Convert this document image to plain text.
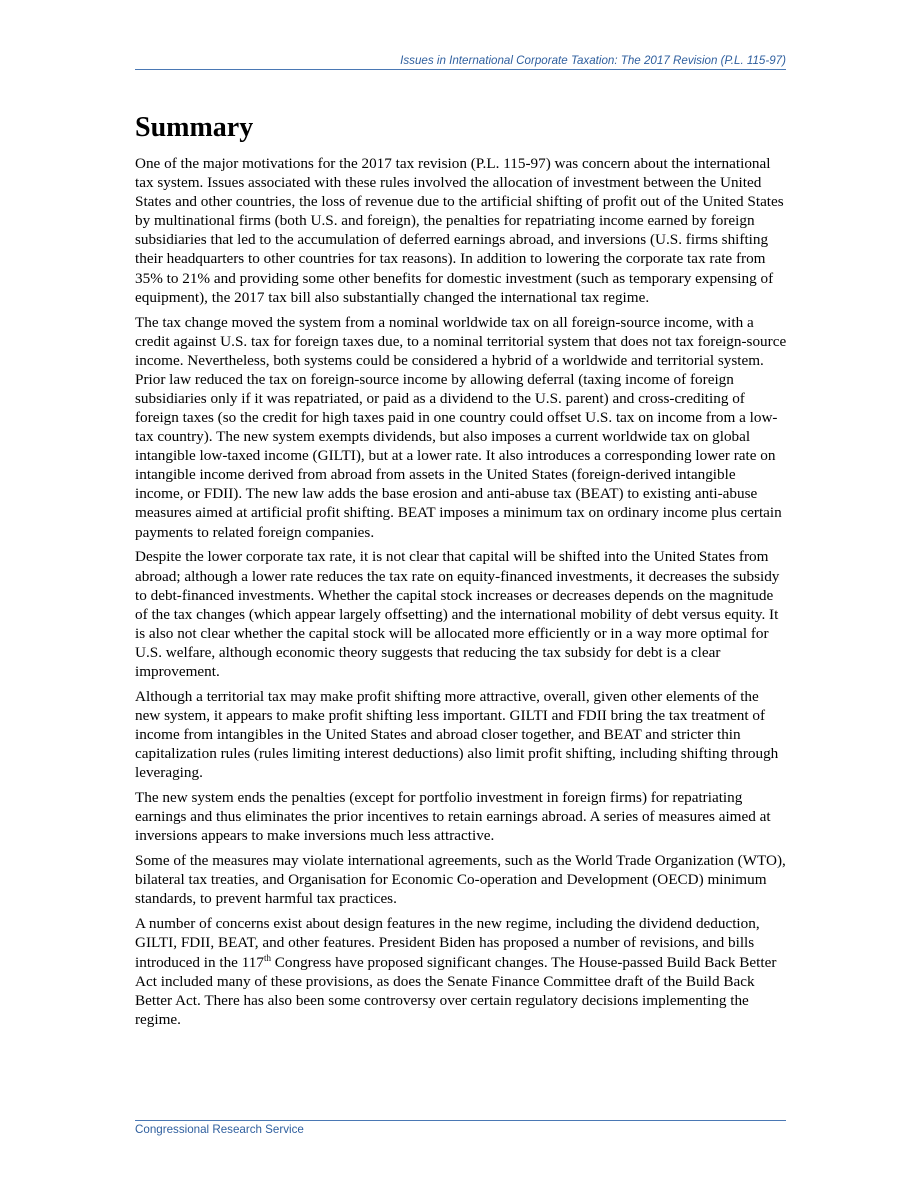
Issues in International Corporate Taxation: The 2017 Revision (P.L. 115-97)
Summary

One of the major motivations for the 2017 tax revision (P.L. 115-97) was concern about the international tax system. Issues associated with these rules involved the allocation of investment between the United States and other countries, the loss of revenue due to the artificial shifting of profit out of the United States by multinational firms (both U.S. and foreign), the penalties for repatriating income earned by foreign subsidiaries that led to the accumulation of deferred earnings abroad, and inversions (U.S. firms shifting their headquarters to other countries for tax reasons). In addition to lowering the corporate tax rate from 35% to 21% and providing some other benefits for domestic investment (such as temporary expensing of equipment), the 2017 tax bill also substantially changed the international tax regime.

The tax change moved the system from a nominal worldwide tax on all foreign-source income, with a credit against U.S. tax for foreign taxes due, to a nominal territorial system that does not tax foreign-source income. Nevertheless, both systems could be considered a hybrid of a worldwide and territorial system. Prior law reduced the tax on foreign-source income by allowing deferral (taxing income of foreign subsidiaries only if it was repatriated, or paid as a dividend to the U.S. parent) and cross-crediting of foreign taxes (so the credit for high taxes paid in one country could offset U.S. tax on income from a low-tax country). The new system exempts dividends, but also imposes a current worldwide tax on global intangible low-taxed income (GILTI), but at a lower rate. It also introduces a corresponding lower rate on intangible income derived from abroad from assets in the United States (foreign-derived intangible income, or FDII). The new law adds the base erosion and anti-abuse tax (BEAT) to existing anti-abuse measures aimed at artificial profit shifting. BEAT imposes a minimum tax on ordinary income plus certain payments to related foreign companies.

Despite the lower corporate tax rate, it is not clear that capital will be shifted into the United States from abroad; although a lower rate reduces the tax rate on equity-financed investments, it decreases the subsidy to debt-financed investments. Whether the capital stock increases or decreases depends on the magnitude of the tax changes (which appear largely offsetting) and the international mobility of debt versus equity. It is also not clear whether the capital stock will be allocated more efficiently or in a way more optimal for U.S. welfare, although economic theory suggests that reducing the tax subsidy for debt is a clear improvement.

Although a territorial tax may make profit shifting more attractive, overall, given other elements of the new system, it appears to make profit shifting less important. GILTI and FDII bring the tax treatment of income from intangibles in the United States and abroad closer together, and BEAT and stricter thin capitalization rules (rules limiting interest deductions) also limit profit shifting, including shifting through leveraging.

The new system ends the penalties (except for portfolio investment in foreign firms) for repatriating earnings and thus eliminates the prior incentives to retain earnings abroad. A series of measures aimed at inversions appears to make inversions much less attractive.

Some of the measures may violate international agreements, such as the World Trade Organization (WTO), bilateral tax treaties, and Organisation for Economic Co-operation and Development (OECD) minimum standards, to prevent harmful tax practices.

A number of concerns exist about design features in the new regime, including the dividend deduction, GILTI, FDII, BEAT, and other features. President Biden has proposed a number of revisions, and bills introduced in the 117th Congress have proposed significant changes. The House-passed Build Back Better Act included many of these provisions, as does the Senate Finance Committee draft of the Build Back Better Act. There has also been some controversy over certain regulatory decisions implementing the regime.

Congressional Research Service
